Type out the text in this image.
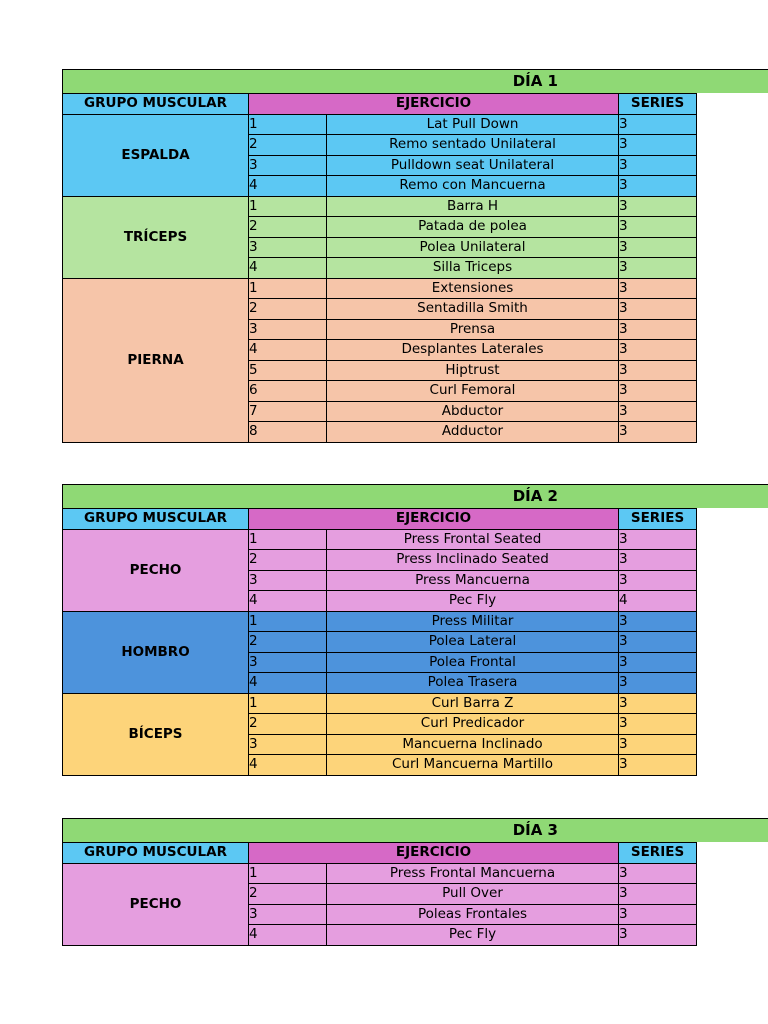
DÍA 1
GRUPO MUSCULAR	EJERCICIO		SERIES
ESPALDA	1	Lat Pull Down	3
	2	Remo sentado Unilateral	3
	3	Pulldown seat Unilateral	3
	4	Remo con Mancuerna	3
TRÍCEPS	1	Barra H	3
	2	Patada de polea	3
	3	Polea Unilateral	3
	4	Silla Triceps	3
PIERNA	1	Extensiones	3
	2	Sentadilla Smith	3
	3	Prensa	3
	4	Desplantes Laterales	3
	5	Hiptrust	3
	6	Curl Femoral	3
	7	Abductor	3
	8	Adductor	3
DÍA 2
GRUPO MUSCULAR	EJERCICIO		SERIES
PECHO	1	Press Frontal Seated	3
	2	Press Inclinado Seated	3
	3	Press Mancuerna	3
	4	Pec Fly	4
HOMBRO	1	Press Militar	3
	2	Polea Lateral	3
	3	Polea Frontal	3
	4	Polea Trasera	3
BÍCEPS	1	Curl Barra Z	3
	2	Curl Predicador	3
	3	Mancuerna Inclinado	3
	4	Curl Mancuerna Martillo	3
DÍA 3
GRUPO MUSCULAR	EJERCICIO		SERIES
PECHO	1	Press Frontal Mancuerna	3
	2	Pull Over	3
	3	Poleas Frontales	3
	4	Pec Fly	3
